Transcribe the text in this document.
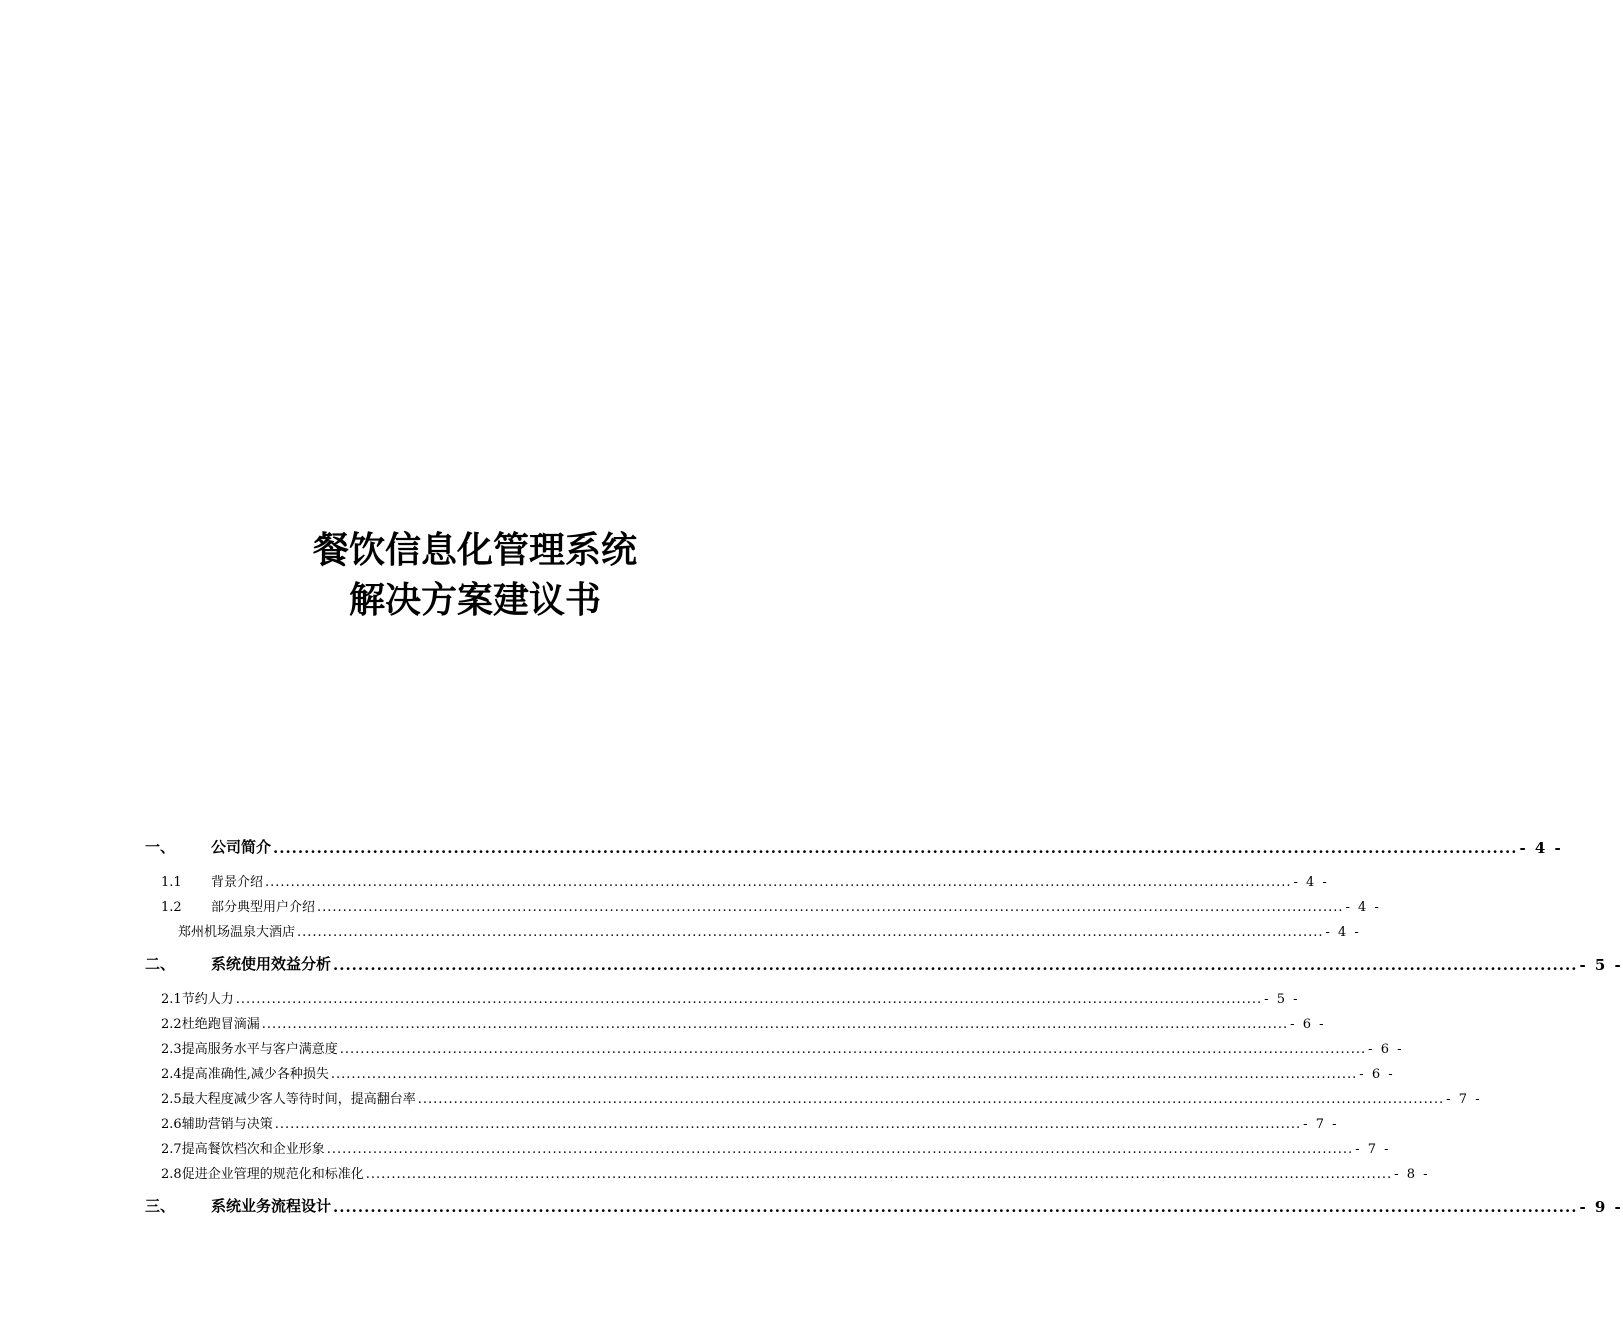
餐饮信息化管理系统
解决方案建议书
一、	公司简介 ........................................................................................................................................................................................................ - 4 -
1.1	背景介绍 ........................................................................................................................................................................................................ - 4 -
1.2	部分典型用户介绍 ........................................................................................................................................................................................................ - 4 -
郑州机场温泉大酒店 ........................................................................................................................................................................................................ - 4 -
二、	系统使用效益分析 ........................................................................................................................................................................................................ - 5 -
2.1 节约人力 ........................................................................................................................................................................................................ - 5 -
2.2 杜绝跑冒滴漏 ........................................................................................................................................................................................................ - 6 -
2.3 提高服务水平与客户满意度 ........................................................................................................................................................................................................ - 6 -
2.4 提高准确性,减少各种损失 ........................................................................................................................................................................................................ - 6 -
2.5 最大程度减少客人等待时间，提高翻台率 ........................................................................................................................................................................................................ - 7 -
2.6 辅助营销与决策 ........................................................................................................................................................................................................ - 7 -
2.7 提高餐饮档次和企业形象 ........................................................................................................................................................................................................ - 7 -
2.8 促进企业管理的规范化和标准化 ........................................................................................................................................................................................................ - 8 -
三、	系统业务流程设计 ........................................................................................................................................................................................................ - 9 -
